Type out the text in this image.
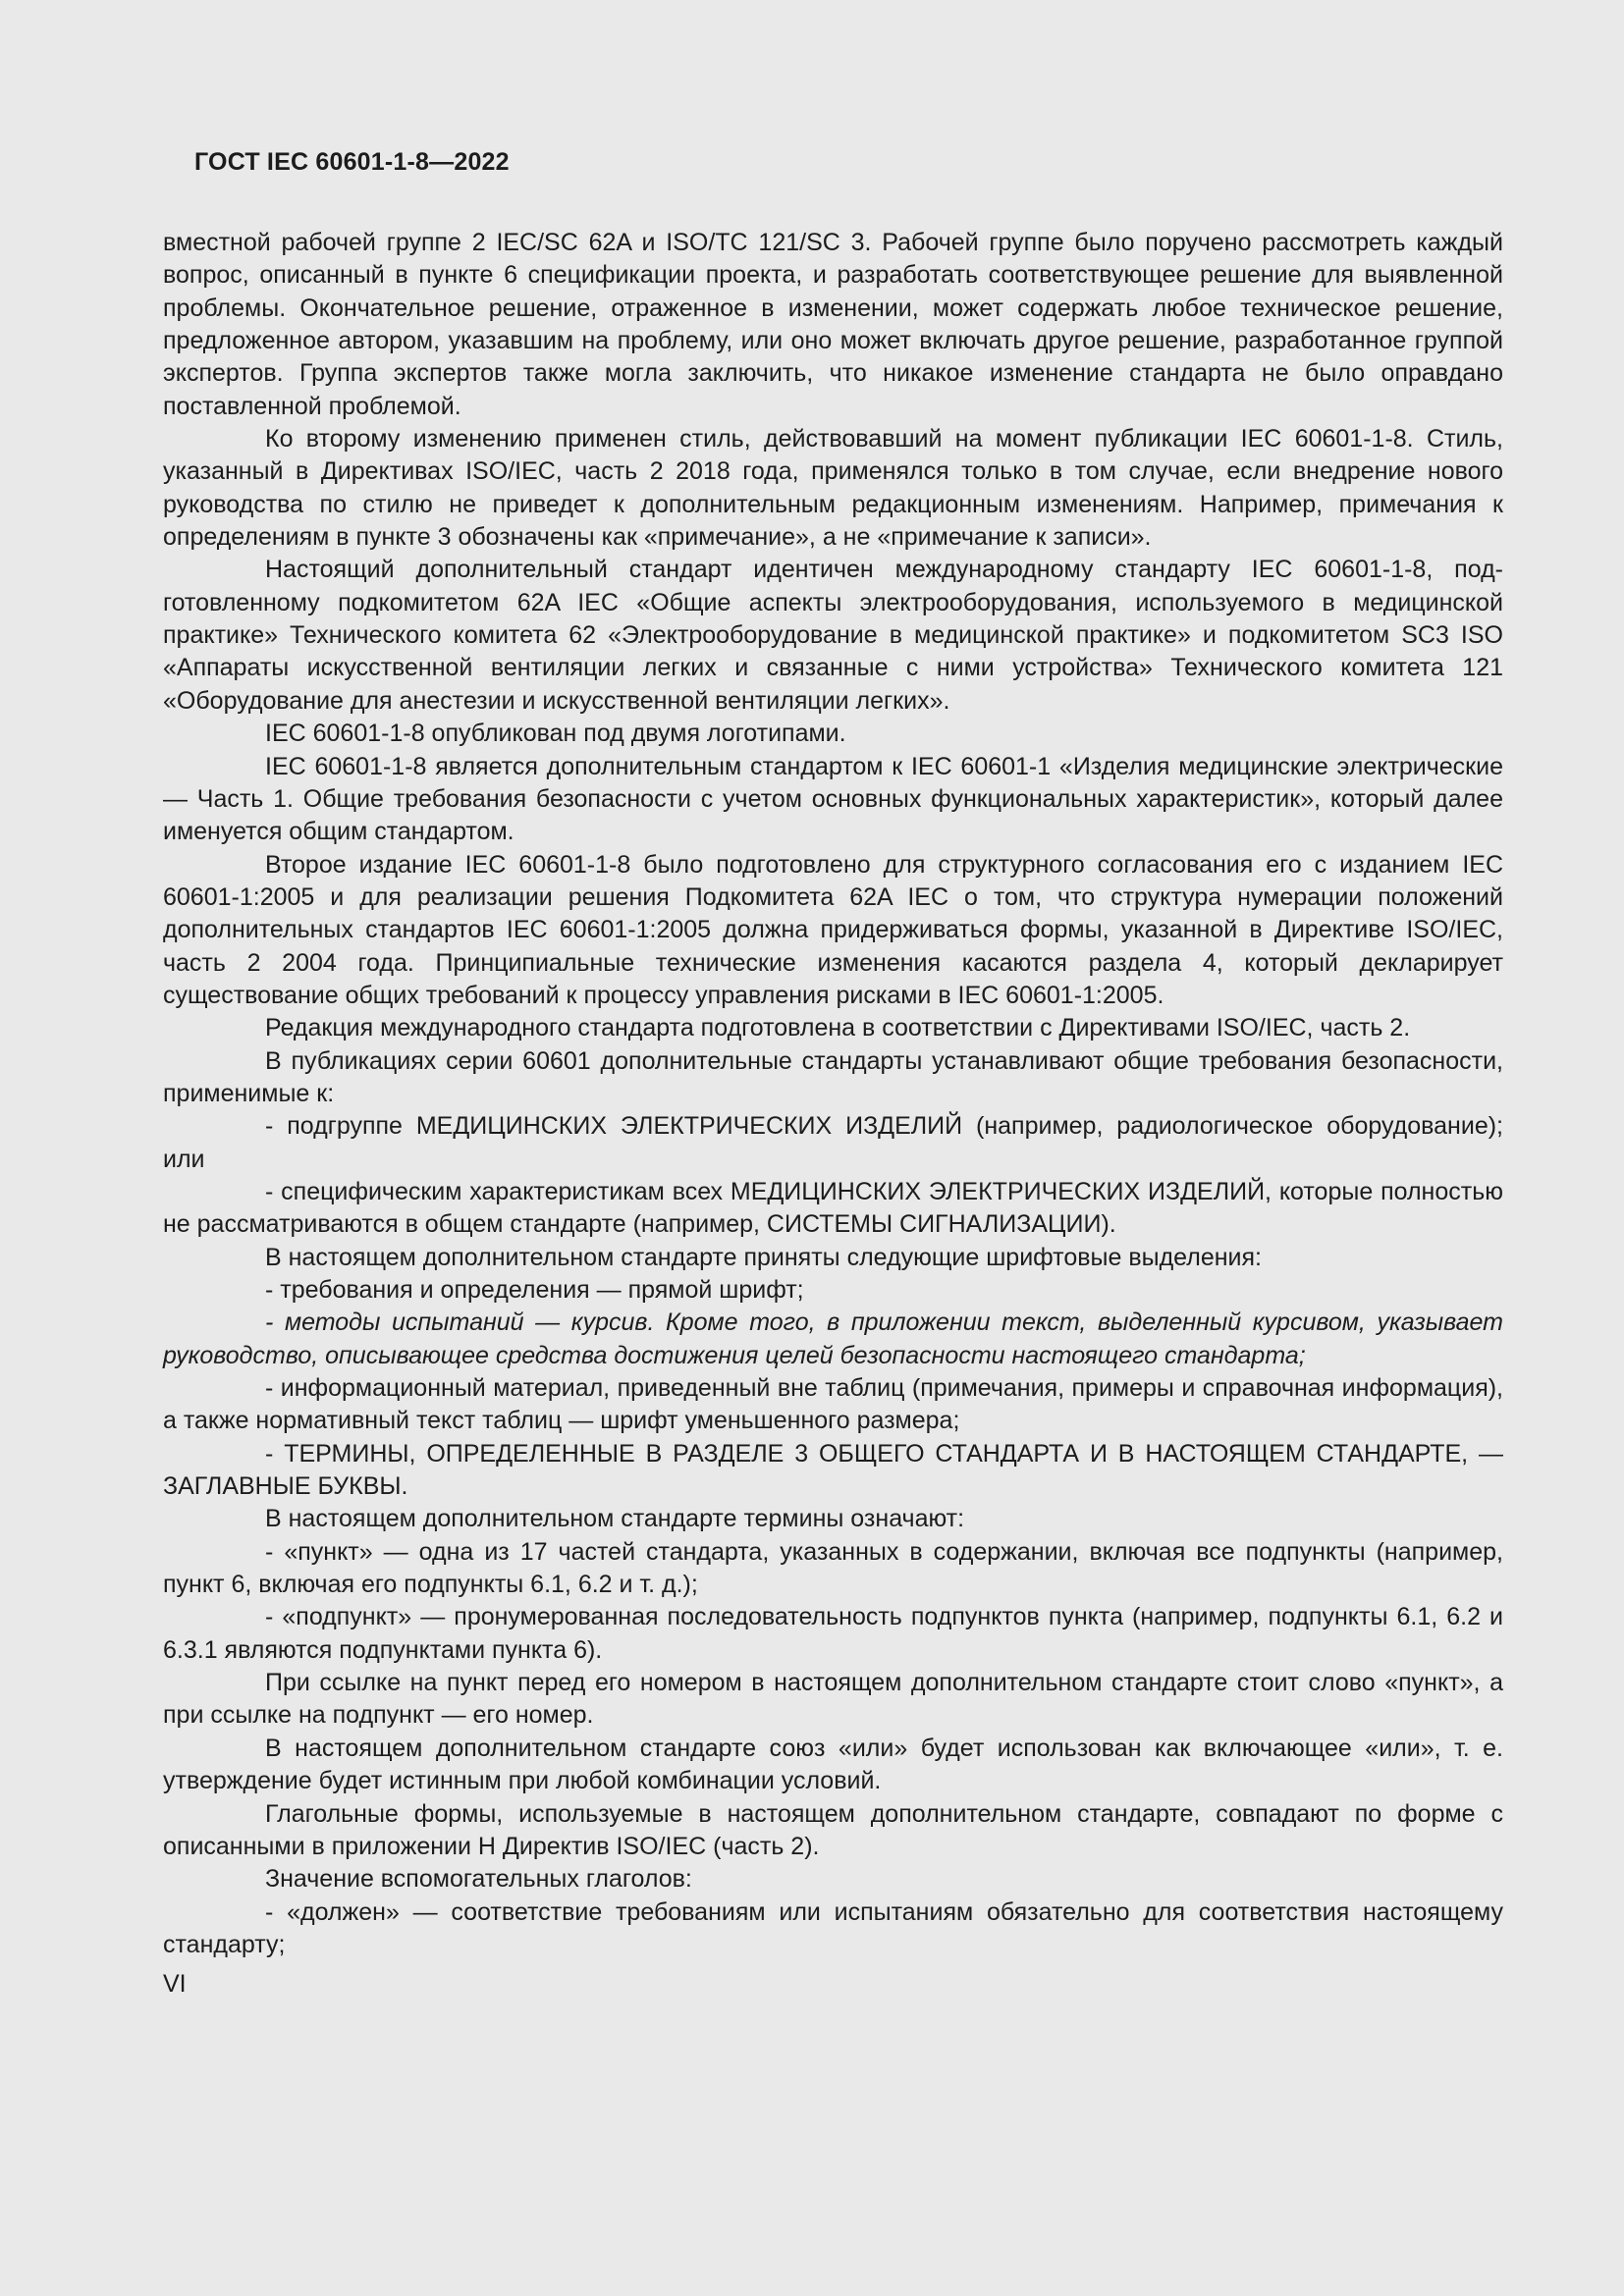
ГОСТ IEC 60601-1-8—2022

вместной рабочей группе 2 IEC/SC 62A и ISO/TC 121/SC 3. Рабочей группе было поручено рассмотреть каждый вопрос, описанный в пункте 6 спецификации проекта, и разработать соответствующее решение для выявленной проблемы. Окончательное решение, отраженное в изменении, может содержать любое техническое решение, предложенное автором, указавшим на проблему, или оно может включать другое решение, разработанное группой экспертов. Группа экспертов также могла заключить, что никакое изменение стандарта не было оправдано поставленной проблемой.

Ко второму изменению применен стиль, действовавший на момент публикации IEC 60601-1-8. Стиль, указанный в Директивах ISO/IEC, часть 2 2018 года, применялся только в том случае, если внедрение нового руководства по стилю не приведет к дополнительным редакционным изменениям. Например, примечания к определениям в пункте 3 обозначены как «примечание», а не «примечание к записи».

Настоящий дополнительный стандарт идентичен международному стандарту IEC 60601-1-8, подготовленному подкомитетом 62A IEC «Общие аспекты электрооборудования, используемого в медицинской практике» Технического комитета 62 «Электрооборудование в медицинской практике» и подкомитетом SC3 ISO «Аппараты искусственной вентиляции легких и связанные с ними устройства» Технического комитета 121 «Оборудование для анестезии и искусственной вентиляции легких».

IEC 60601-1-8 опубликован под двумя логотипами.

IEC 60601-1-8 является дополнительным стандартом к IEC 60601-1 «Изделия медицинские электрические — Часть 1. Общие требования безопасности с учетом основных функциональных характеристик», который далее именуется общим стандартом.

Второе издание IEC 60601-1-8 было подготовлено для структурного согласования его с изданием IEC 60601-1:2005 и для реализации решения Подкомитета 62A IEC о том, что структура нумерации положений дополнительных стандартов IEC 60601-1:2005 должна придерживаться формы, указанной в Директиве ISO/IEC, часть 2 2004 года. Принципиальные технические изменения касаются раздела 4, который декларирует существование общих требований к процессу управления рисками в IEC 60601-1:2005.

Редакция международного стандарта подготовлена в соответствии с Директивами ISO/IEC, часть 2.

В публикациях серии 60601 дополнительные стандарты устанавливают общие требования безопасности, применимые к:

- подгруппе МЕДИЦИНСКИХ ЭЛЕКТРИЧЕСКИХ ИЗДЕЛИЙ (например, радиологическое оборудование); или

- специфическим характеристикам всех МЕДИЦИНСКИХ ЭЛЕКТРИЧЕСКИХ ИЗДЕЛИЙ, которые полностью не рассматриваются в общем стандарте (например, СИСТЕМЫ СИГНАЛИЗАЦИИ).

В настоящем дополнительном стандарте приняты следующие шрифтовые выделения:

- требования и определения — прямой шрифт;

- методы испытаний — курсив. Кроме того, в приложении текст, выделенный курсивом, указывает руководство, описывающее средства достижения целей безопасности настоящего стандарта;

- информационный материал, приведенный вне таблиц (примечания, примеры и справочная информация), а также нормативный текст таблиц — шрифт уменьшенного размера;

- ТЕРМИНЫ, ОПРЕДЕЛЕННЫЕ В РАЗДЕЛЕ 3 ОБЩЕГО СТАНДАРТА И В НАСТОЯЩЕМ СТАНДАРТЕ, — ЗАГЛАВНЫЕ БУКВЫ.

В настоящем дополнительном стандарте термины означают:

- «пункт» — одна из 17 частей стандарта, указанных в содержании, включая все подпункты (например, пункт 6, включая его подпункты 6.1, 6.2 и т. д.);

- «подпункт» — пронумерованная последовательность подпунктов пункта (например, подпункты 6.1, 6.2 и 6.3.1 являются подпунктами пункта 6).

При ссылке на пункт перед его номером в настоящем дополнительном стандарте стоит слово «пункт», а при ссылке на подпункт — его номер.

В настоящем дополнительном стандарте союз «или» будет использован как включающее «или», т. е. утверждение будет истинным при любой комбинации условий.

Глагольные формы, используемые в настоящем дополнительном стандарте, совпадают по форме с описанными в приложении H Директив ISO/IEC (часть 2).

Значение вспомогательных глаголов:

- «должен» — соответствие требованиям или испытаниям обязательно для соответствия настоящему стандарту;

VI
